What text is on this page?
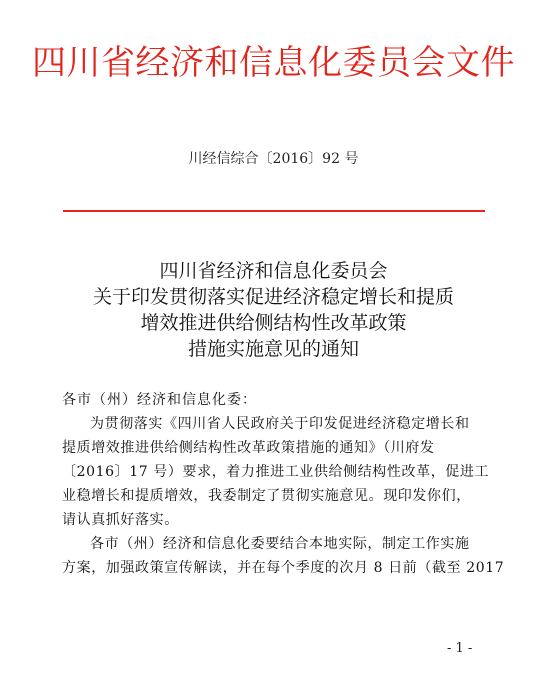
四川省经济和信息化委员会文件
川经信综合〔2016〕92 号
四川省经济和信息化委员会
关于印发贯彻落实促进经济稳定增长和提质
增效推进供给侧结构性改革政策
措施实施意见的通知
各市（州）经济和信息化委：
为贯彻落实《四川省人民政府关于印发促进经济稳定增长和
提质增效推进供给侧结构性改革政策措施的通知》（川府发
〔2016〕17 号）要求，着力推进工业供给侧结构性改革，促进工
业稳增长和提质增效，我委制定了贯彻实施意见。现印发你们，
请认真抓好落实。
各市（州）经济和信息化委要结合本地实际，制定工作实施
方案，加强政策宣传解读，并在每个季度的次月 8 日前（截至 2017
- 1 -
